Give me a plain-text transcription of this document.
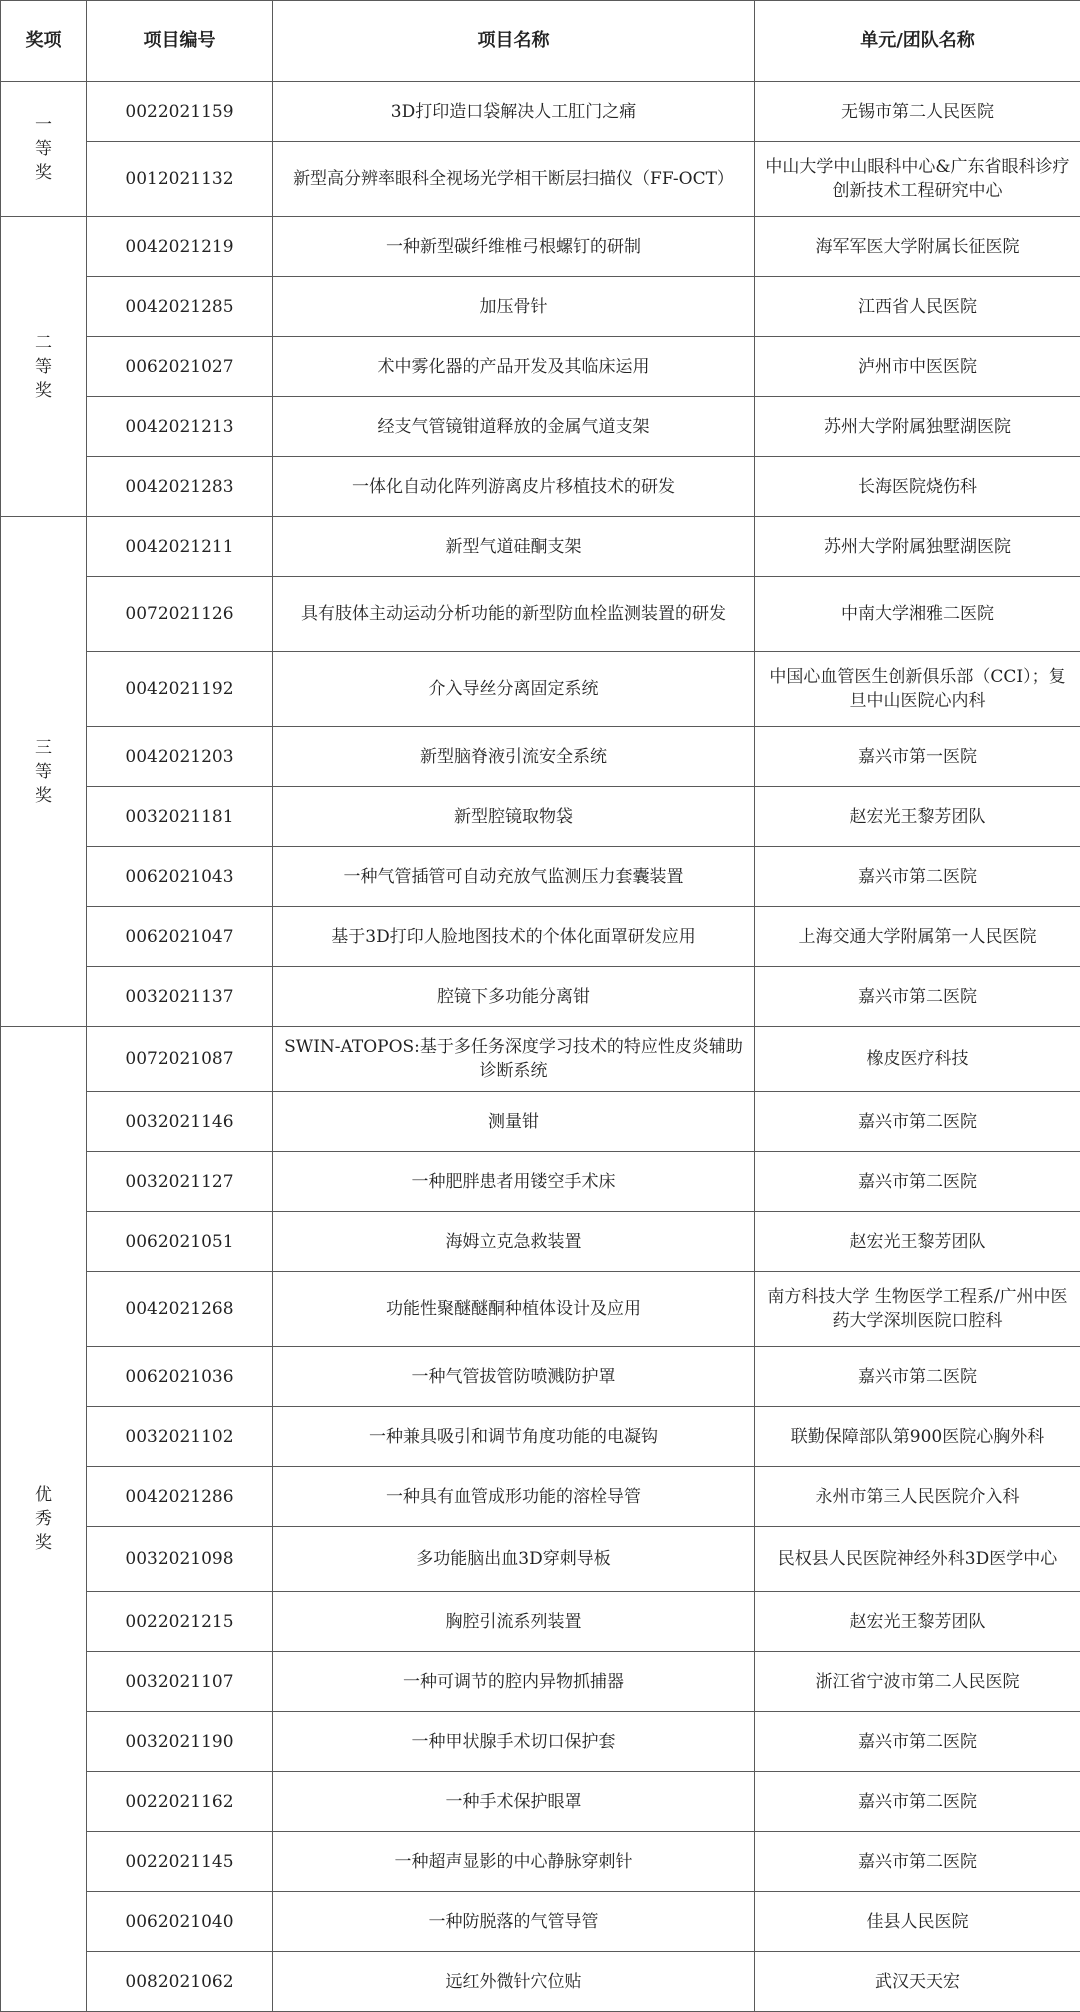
奖项	项目编号	项目名称	单元/团队名称
一等奖	0022021159	3D打印造口袋解决人工肛门之痛	无锡市第二人民医院
	0012021132	新型高分辨率眼科全视场光学相干断层扫描仪（FF-OCT）	中山大学中山眼科中心&广东省眼科诊疗创新技术工程研究中心
二等奖	0042021219	一种新型碳纤维椎弓根螺钉的研制	海军军医大学附属长征医院
	0042021285	加压骨针	江西省人民医院
	0062021027	术中雾化器的产品开发及其临床运用	泸州市中医医院
	0042021213	经支气管镜钳道释放的金属气道支架	苏州大学附属独墅湖医院
	0042021283	一体化自动化阵列游离皮片移植技术的研发	长海医院烧伤科
三等奖	0042021211	新型气道硅酮支架	苏州大学附属独墅湖医院
	0072021126	具有肢体主动运动分析功能的新型防血栓监测装置的研发	中南大学湘雅二医院
	0042021192	介入导丝分离固定系统	中国心血管医生创新俱乐部（CCI）；复旦中山医院心内科
	0042021203	新型脑脊液引流安全系统	嘉兴市第一医院
	0032021181	新型腔镜取物袋	赵宏光王黎芳团队
	0062021043	一种气管插管可自动充放气监测压力套囊装置	嘉兴市第二医院
	0062021047	基于3D打印人脸地图技术的个体化面罩研发应用	上海交通大学附属第一人民医院
	0032021137	腔镜下多功能分离钳	嘉兴市第二医院
优秀奖	0072021087	SWIN-ATOPOS:基于多任务深度学习技术的特应性皮炎辅助诊断系统	橡皮医疗科技
	0032021146	测量钳	嘉兴市第二医院
	0032021127	一种肥胖患者用镂空手术床	嘉兴市第二医院
	0062021051	海姆立克急救装置	赵宏光王黎芳团队
	0042021268	功能性聚醚醚酮种植体设计及应用	南方科技大学 生物医学工程系/广州中医药大学深圳医院口腔科
	0062021036	一种气管拔管防喷溅防护罩	嘉兴市第二医院
	0032021102	一种兼具吸引和调节角度功能的电凝钩	联勤保障部队第900医院心胸外科
	0042021286	一种具有血管成形功能的溶栓导管	永州市第三人民医院介入科
	0032021098	多功能脑出血3D穿刺导板	民权县人民医院神经外科3D医学中心
	0022021215	胸腔引流系列装置	赵宏光王黎芳团队
	0032021107	一种可调节的腔内异物抓捕器	浙江省宁波市第二人民医院
	0032021190	一种甲状腺手术切口保护套	嘉兴市第二医院
	0022021162	一种手术保护眼罩	嘉兴市第二医院
	0022021145	一种超声显影的中心静脉穿刺针	嘉兴市第二医院
	0062021040	一种防脱落的气管导管	佳县人民医院
	0082021062	远红外微针穴位贴	武汉天天宏
